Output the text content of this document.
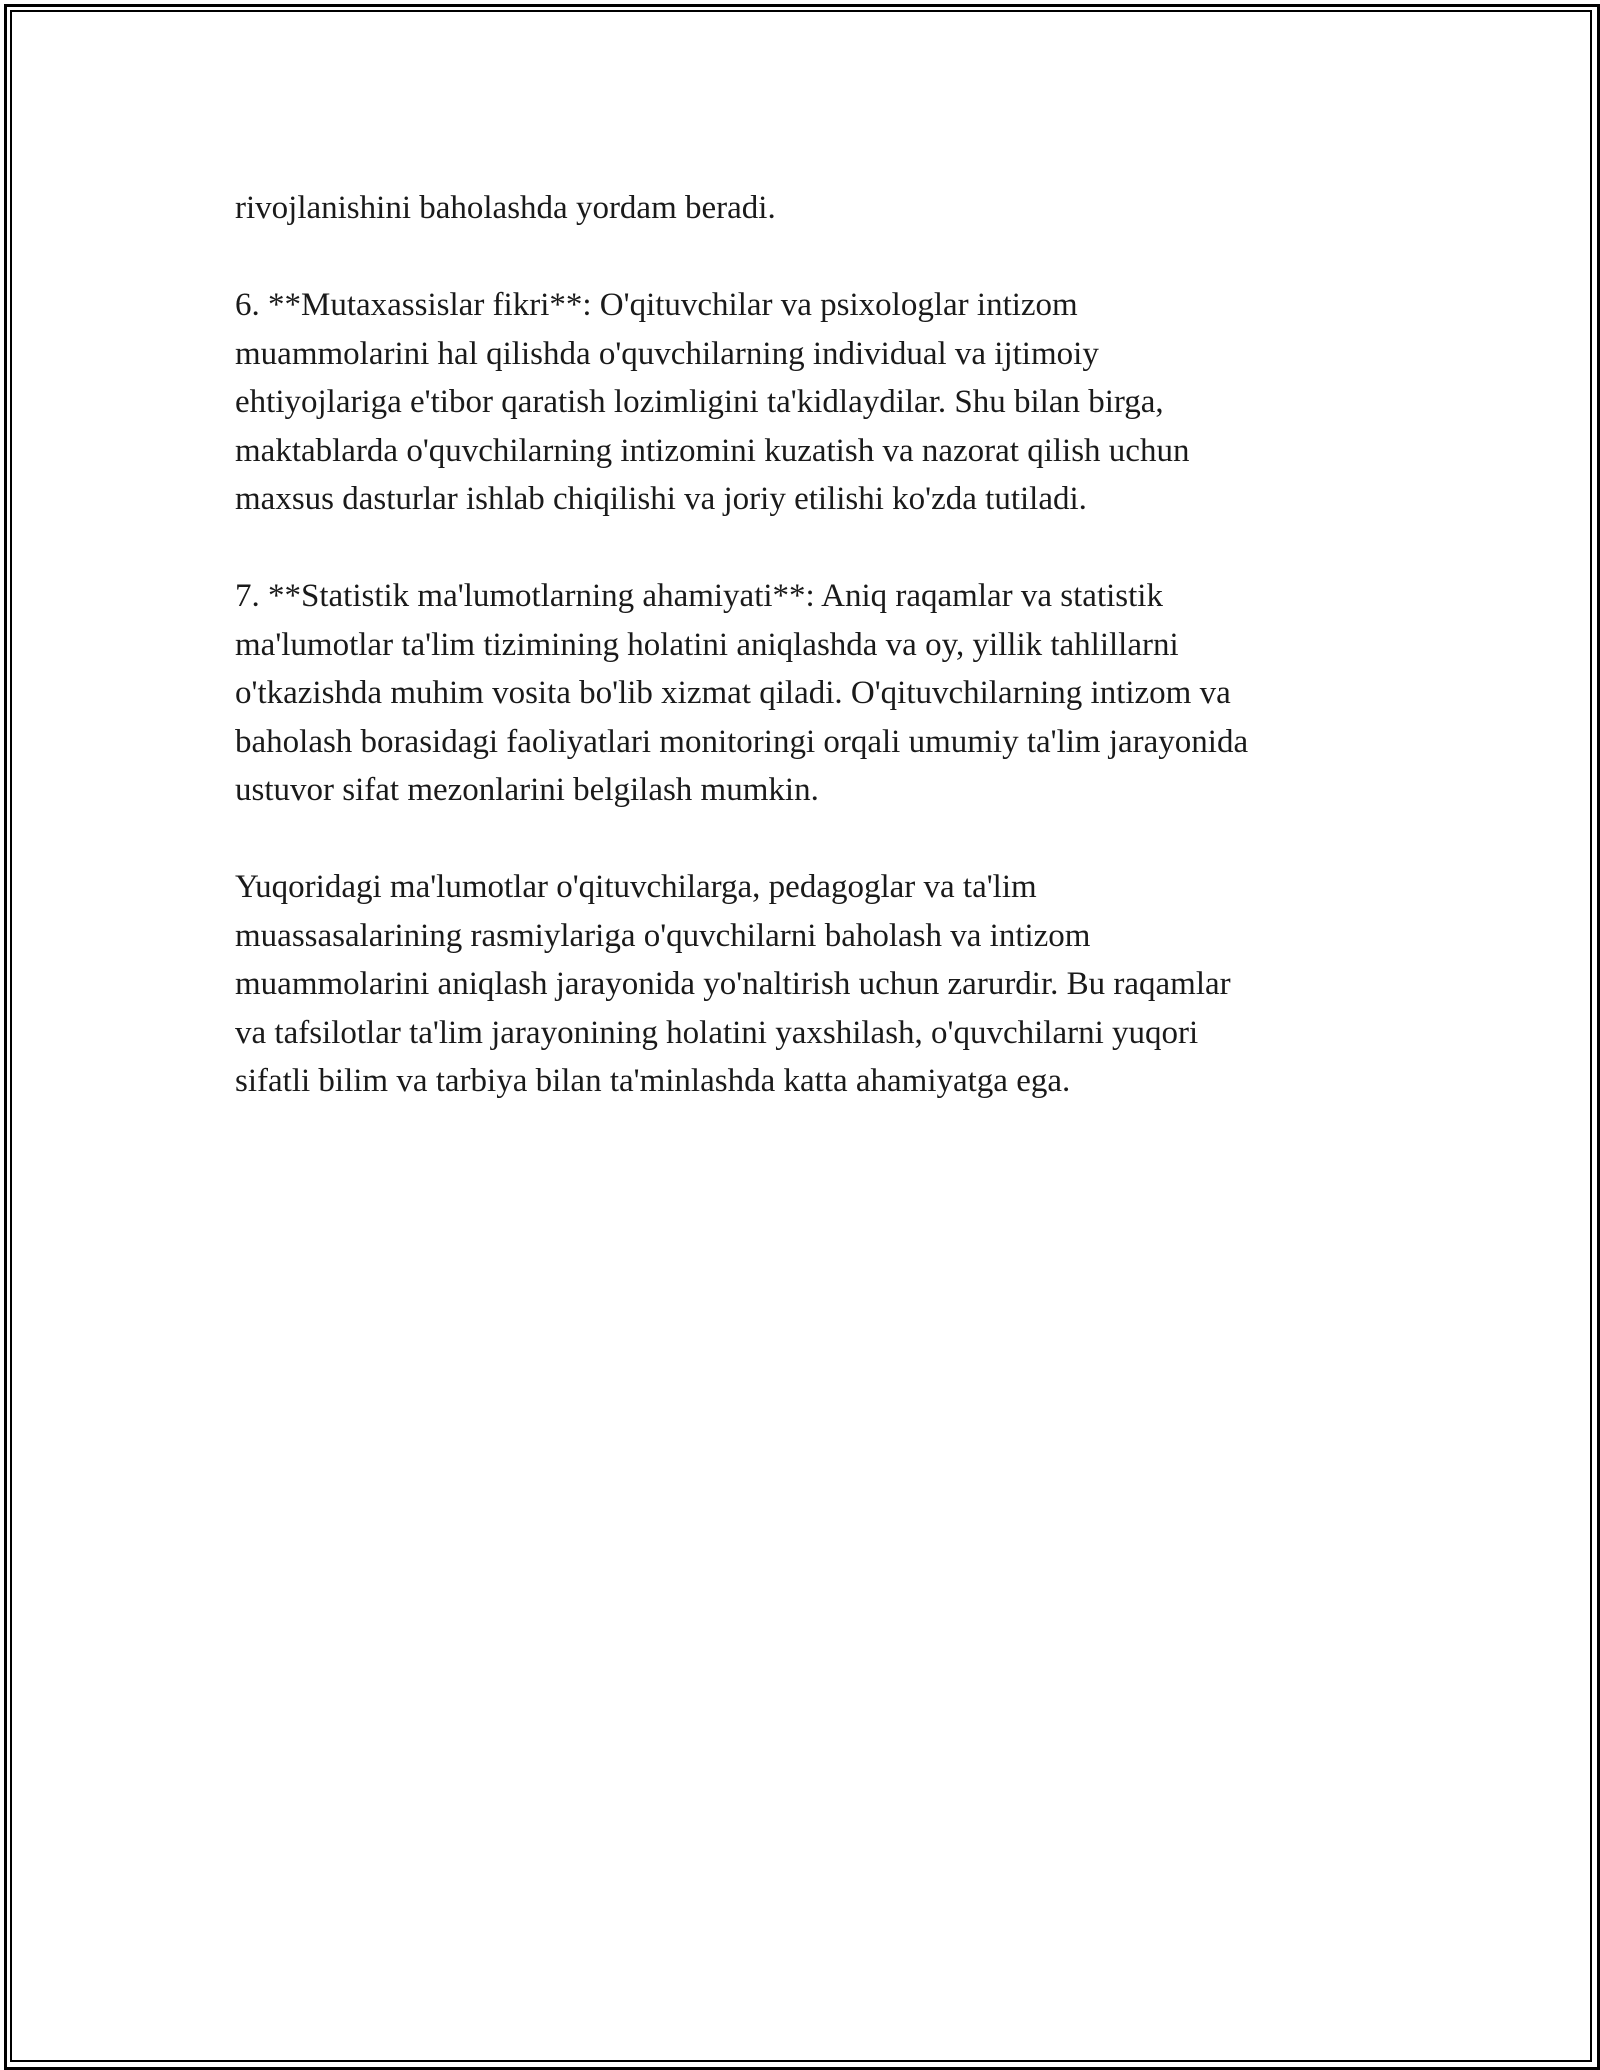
rivojlanishini baholashda yordam beradi.

6. **Mutaxassislar fikri**: O'qituvchilar va psixologlar intizom
muammolarini hal qilishda o'quvchilarning individual va ijtimoiy
ehtiyojlariga e'tibor qaratish lozimligini ta'kidlaydilar. Shu bilan birga,
maktablarda o'quvchilarning intizomini kuzatish va nazorat qilish uchun
maxsus dasturlar ishlab chiqilishi va joriy etilishi ko'zda tutiladi.

7. **Statistik ma'lumotlarning ahamiyati**: Aniq raqamlar va statistik
ma'lumotlar ta'lim tizimining holatini aniqlashda va oy, yillik tahlillarni
o'tkazishda muhim vosita bo'lib xizmat qiladi. O'qituvchilarning intizom va
baholash borasidagi faoliyatlari monitoringi orqali umumiy ta'lim jarayonida
ustuvor sifat mezonlarini belgilash mumkin.

Yuqoridagi ma'lumotlar o'qituvchilarga, pedagoglar va ta'lim
muassasalarining rasmiylariga o'quvchilarni baholash va intizom
muammolarini aniqlash jarayonida yo'naltirish uchun zarurdir. Bu raqamlar
va tafsilotlar ta'lim jarayonining holatini yaxshilash, o'quvchilarni yuqori
sifatli bilim va tarbiya bilan ta'minlashda katta ahamiyatga ega.
